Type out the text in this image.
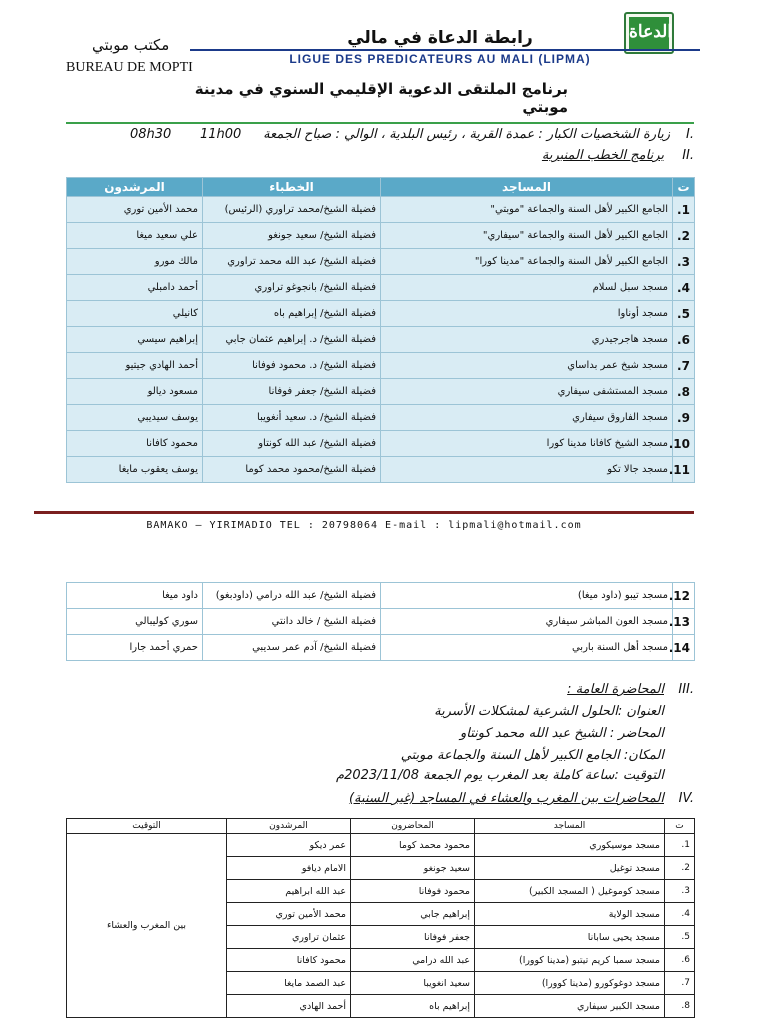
الدعاة
رابطة الدعاة في مالي
LIGUE DES PREDICATEURS AU MALI (LIPMA)
مكتب موبتي
BUREAU DE MOPTI
برنامج الملتقى الدعوية الإقليمي السنوي في مدينة موبتي
I.
زيارة الشخصيات الكبار : عمدة القرية ، رئيس البلدية ، الوالي : صباح الجمعة
11h00
08h30
II.
برنامج الخطب المنبرية
ت	المساجد	الخطباء	المرشدون
1.	الجامع الكبير لأهل السنة والجماعة "موبتي"	فضيلة الشيخ/محمد تراوري (الرئيس)	محمد الأمين توري
2.	الجامع الكبير لأهل السنة والجماعة "سيفاري"	فضيلة الشيخ/ سعيد جونغو	علي سعيد ميغا
3.	الجامع الكبير لأهل السنة والجماعة "مدينا كورا"	فضيلة الشيخ/ عبد الله محمد تراوري	مالك مورو
4.	مسجد سبل لسلام	فضيلة الشيخ/ بانجوغو تراوري	أحمد دامبلي
5.	مسجد أوناوا	فضيلة الشيخ/ إبراهيم باه	كانيلي
6.	مسجد هاجرجيدري	فضيلة الشيخ/ د. إبراهيم عثمان جابي	إبراهيم سيسي
7.	مسجد شيخ عمر بداساي	فضيلة الشيخ/ د. محمود فوفانا	أحمد الهادي جيتيو
8.	مسجد المستشفى سيفاري	فضيلة الشيخ/ جعفر فوفانا	مسعود ديالو
9.	مسجد الفاروق سيفاري	فضيلة الشيخ/ د. سعيد أنغويبا	يوسف سيديبي
10.	مسجد الشيخ كافانا مدينا كورا	فضيلة الشيخ/ عبد الله كونتاو	محمود كافانا
11.	مسجد جالا تكو	فضيلة الشيخ/محمود محمد كوما	يوسف يعقوب مايغا
BAMAKO – YIRIMADIO TEL : 20798064 E-mail : lipmali@hotmail.com
12.	مسجد تيبو (داود ميغا)	فضيلة الشيخ/ عبد الله درامي (داودبغو)	داود ميغا
13.	مسجد العون المباشر سيفاري	فضيلة الشيخ / خالد دانتي	سوري كوليبالي
14.	مسجد أهل السنة باربي	فضيلة الشيخ/ آدم عمر سديبي	حمري أحمد جارا
III.
المحاضرة العامة :
العنوان :الحلول الشرعية لمشكلات الأسرية
المحاضر : الشيخ عبد الله محمد كونتاو
المكان: الجامع الكبير لأهل السنة والجماعة موبتي
التوقيت :ساعة كاملة بعد المغرب يوم الجمعة 2023/11/08م
IV.
المحاضرات بين المغرب والعشاء في المساجد (غير السنية)
ت	المساجد	المحاضرون	المرشدون	التوقيت
1.	مسجد موسيكوري	محمود محمد كوما	عمر ديكو	بين المغرب والعشاء
2.	مسجد توغيل	سعيد جونغو	الامام ديافو	
3.	مسجد كوموغيل ( المسجد الكبير)	محمود فوفانا	عبد الله ابراهيم	
4.	مسجد الولاية	إبراهيم جابي	محمد الأمين توري	
5.	مسجد يحيى سابانا	جعفر فوفانا	عثمان تراوري	
6.	مسجد سمبا كريم تيتبو (مدينا كوورا)	عبد الله درامي	محمود كافانا	
7.	مسجد دوغوكورو (مدينا كوورا)	سعيد انغويبا	عبد الصمد مايغا	
8.	مسجد الكبير سيفاري	إبراهيم باه	أحمد الهادي	
